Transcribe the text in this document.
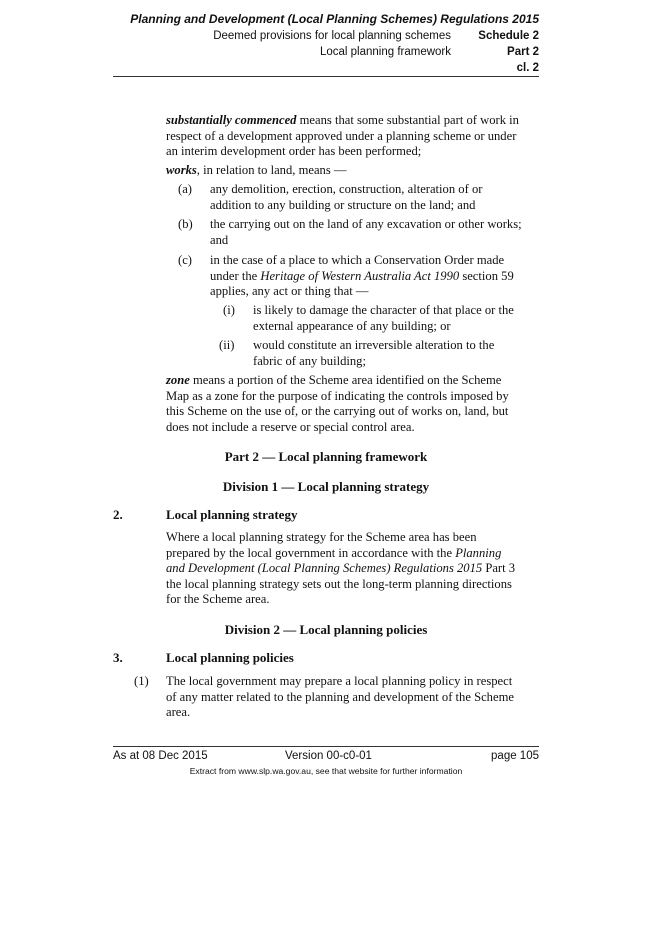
Planning and Development (Local Planning Schemes) Regulations 2015
Deemed provisions for local planning schemes Schedule 2
Local planning framework	Part 2
cl. 2
substantially commenced means that some substantial part of work in
respect of a development approved under a planning scheme or under
an interim development order has been performed;
works, in relation to land, means —
(a) any demolition, erection, construction, alteration of or
addition to any building or structure on the land; and
(b) the carrying out on the land of any excavation or other works;
and
(c) in the case of a place to which a Conservation Order made
under the Heritage of Western Australia Act 1990 section 59
applies, any act or thing that —
(i) is likely to damage the character of that place or the
external appearance of any building; or
(ii) would constitute an irreversible alteration to the
fabric of any building;
zone means a portion of the Scheme area identified on the Scheme
Map as a zone for the purpose of indicating the controls imposed by
this Scheme on the use of, or the carrying out of works on, land, but
does not include a reserve or special control area.
Part 2 — Local planning framework
Division 1 — Local planning strategy
2.	Local planning strategy
Where a local planning strategy for the Scheme area has been
prepared by the local government in accordance with the Planning
and Development (Local Planning Schemes) Regulations 2015 Part 3
the local planning strategy sets out the long-term planning directions
for the Scheme area.
Division 2 — Local planning policies
3.	Local planning policies
(1) The local government may prepare a local planning policy in respect
of any matter related to the planning and development of the Scheme
area.
As at 08 Dec 2015	Version 00-c0-01	page 105
Extract from www.slp.wa.gov.au, see that website for further information
